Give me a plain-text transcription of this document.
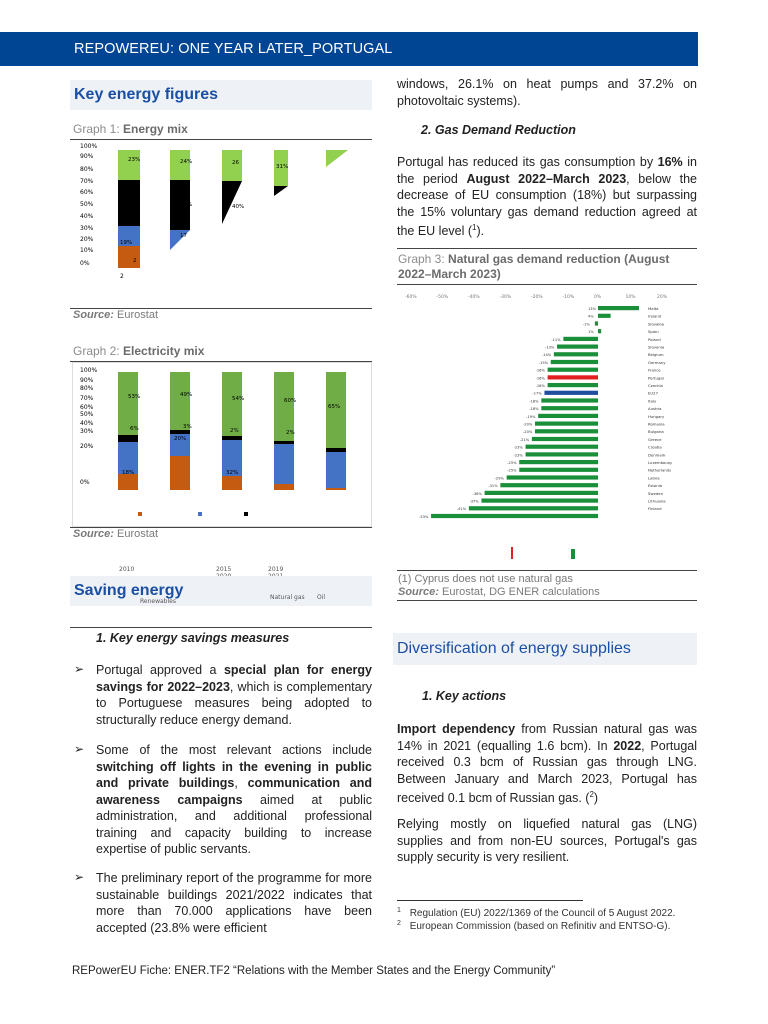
REPOWEREU: ONE YEAR LATER_PORTUGAL
Key energy figures
Graph 1: Energy mix
100%
90%
80%
70%
60%
50%
40%
30%
20%
10%
0%
19%
2
51%
23%
17
44%
24%
40%
26
31%
2
Source: Eurostat
Graph 2: Electricity mix
100%
90%
80%
70%
60%
50%
40%
30%
20%
0%
18%
6%
53%
20%
3%
49%
32%
2%
54%
2%
60%
65%
Source: Eurostat
2010	2015	2019

Saving energy
Renewables
Natural gas Oil
1. Key energy savings measures
➢ Portugal approved a special plan for energy savings for 2022–2023, which is complementary to Portuguese measures being adopted to structurally reduce energy demand.
➢ Some of the most relevant actions include switching off lights in the evening in public and private buildings, communication and awareness campaigns aimed at public administration, and additional professional training and capacity building to increase expertise of public servants.
➢ The preliminary report of the programme for more sustainable buildings 2021/2022 indicates that more than 70.000 applications have been accepted (23.8% were efficient
windows, 26.1% on heat pumps and 37.2% on photovoltaic systems).
2. Gas Demand Reduction
Portugal has reduced its gas consumption by 16% in the period August 2022–March 2023, below the decrease of EU consumption (18%) but surpassing the 15% voluntary gas demand reduction agreed at the EU level ($^1$).
Graph 3: Natural gas demand reduction (August 2022–March 2023)
-60%	-50%	-40%	-30%	-20%	-10%	0%	10%	20%
13%	Malta
4%	Ireland
-1%	Slovakia
1%	Spain
-11%	Poland
-13%	Slovenia
-14%	Belgium
-15%	Germany
-16%	France
-16%	Portugal
-16%	Czechia
-17%	EU27
-18%	Italy
-18%	Austria
-19%	Hungary
-20%	Romania
-20%	Bulgaria
-21%	Greece
-23%	Croatia
-23%	Denmark
-25%	Luxembourg
-25%	Netherlands
-29%	Latvia
-31%	Estonia
-36%	Sweden
-37%	Lithuania
-41%	Finland
-53%
(1) Cyprus does not use natural gas
Source: Eurostat, DG ENER calculations
Diversification of energy supplies
1. Key actions
Import dependency from Russian natural gas was 14% in 2021 (equalling 1.6 bcm). In 2022, Portugal received 0.3 bcm of Russian gas through LNG. Between January and March 2023, Portugal has received 0.1 bcm of Russian gas. ($^2$)
Relying mostly on liquefied natural gas (LNG) supplies and from non-EU sources, Portugal's gas supply security is very resilient.
$^1$ Regulation (EU) 2022/1369 of the Council of 5 August 2022.
$^2$ European Commission (based on Refinitiv and ENTSO-G).
REPowerEU Fiche: ENER.TF2 “Relations with the Member States and the Energy Community”
